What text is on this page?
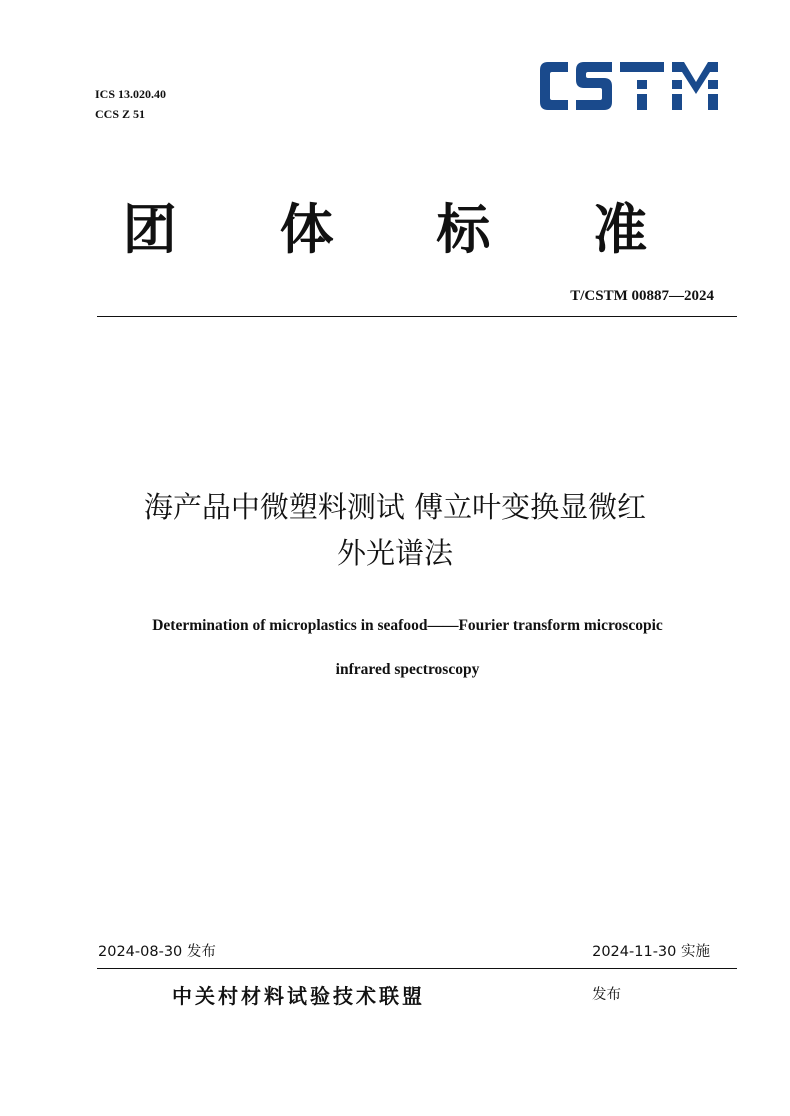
ICS 13.020.40
CCS Z 51
CSTM
团 体 标 准
T/CSTM 00887—2024
海产品中微塑料测试 傅立叶变换显微红
外光谱法
Determination of microplastics in seafood——Fourier transform microscopic
infrared spectroscopy
2024-08-30 发布	2024-11-30 实施
中关村材料试验技术联盟	发布
